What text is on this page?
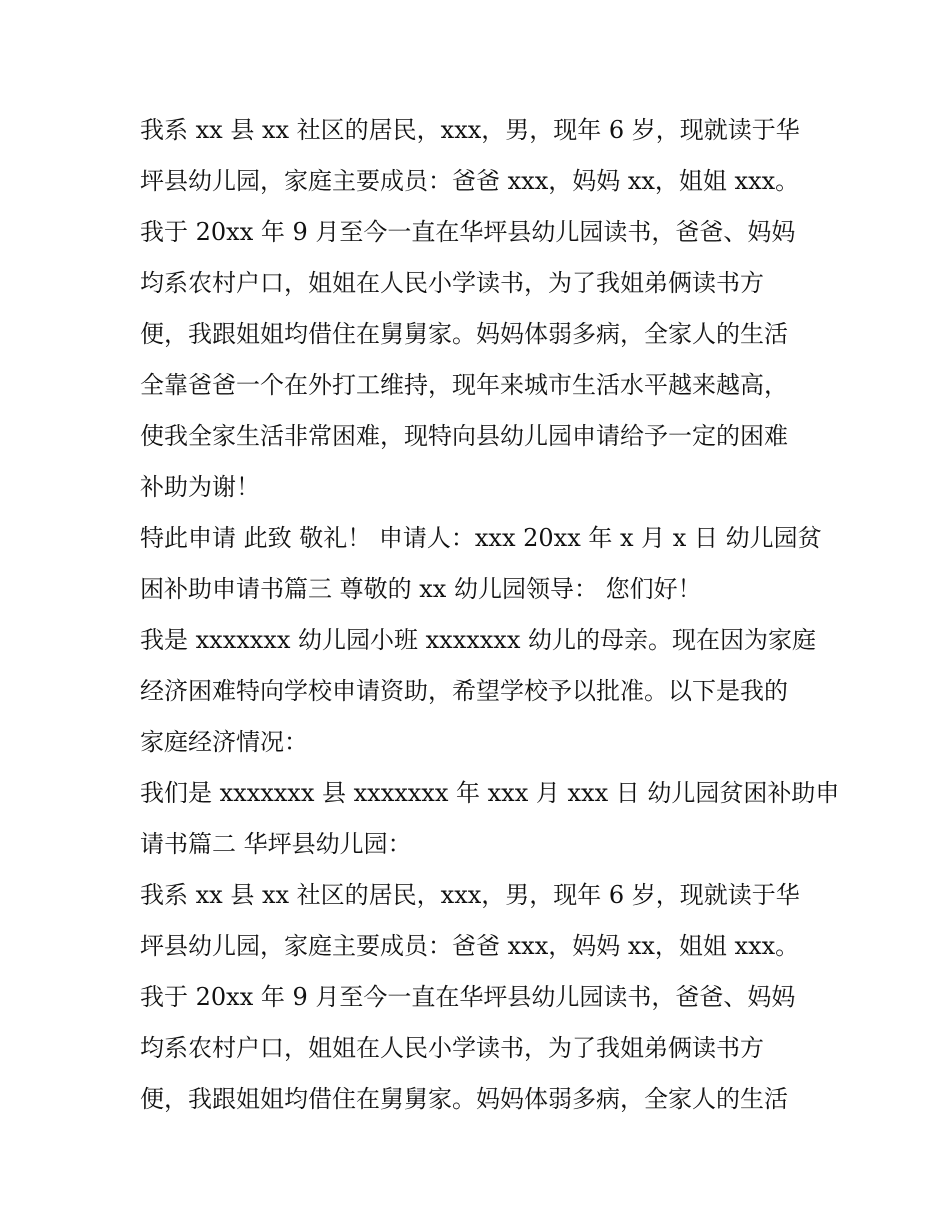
我系 xx 县 xx 社区的居民，xxx，男，现年 6 岁，现就读于华
坪县幼儿园，家庭主要成员：爸爸 xxx，妈妈 xx，姐姐 xxx。
我于 20xx 年 9 月至今一直在华坪县幼儿园读书，爸爸、妈妈
均系农村户口，姐姐在人民小学读书，为了我姐弟俩读书方
便，我跟姐姐均借住在舅舅家。妈妈体弱多病，全家人的生活
全靠爸爸一个在外打工维持，现年来城市生活水平越来越高，
使我全家生活非常困难，现特向县幼儿园申请给予一定的困难
补助为谢！
特此申请 此致 敬礼！ 申请人：xxx 20xx 年 x 月 x 日 幼儿园贫
困补助申请书篇三 尊敬的 xx 幼儿园领导： 您们好！
我是 xxxxxxx 幼儿园小班 xxxxxxx 幼儿的母亲。现在因为家庭
经济困难特向学校申请资助，希望学校予以批准。以下是我的
家庭经济情况：
我们是 xxxxxxx 县 xxxxxxx 年 xxx 月 xxx 日 幼儿园贫困补助申
请书篇二 华坪县幼儿园：
我系 xx 县 xx 社区的居民，xxx，男，现年 6 岁，现就读于华
坪县幼儿园，家庭主要成员：爸爸 xxx，妈妈 xx，姐姐 xxx。
我于 20xx 年 9 月至今一直在华坪县幼儿园读书，爸爸、妈妈
均系农村户口，姐姐在人民小学读书，为了我姐弟俩读书方
便，我跟姐姐均借住在舅舅家。妈妈体弱多病，全家人的生活
